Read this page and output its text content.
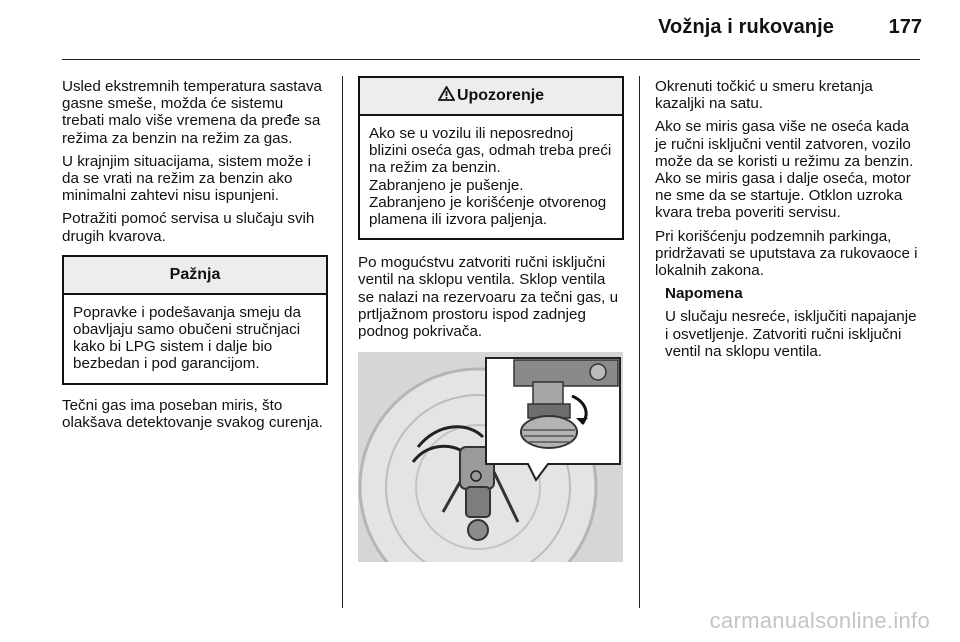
Vožnja i rukovanje	177

Usled ekstremnih temperatura sastava gasne smeše, možda će sistemu trebati malo više vremena da pređe sa režima za benzin na režim za gas.

U krajnjim situacijama, sistem može i da se vrati na režim za benzin ako minimalni zahtevi nisu ispunjeni.

Potražiti pomoć servisa u slučaju svih drugih kvarova.

Pažnja

Popravke i podešavanja smeju da obavljaju samo obučeni stručnjaci kako bi LPG sistem i dalje bio bezbedan i pod garancijom.

Tečni gas ima poseban miris, što olakšava detektovanje svakog curenja.

Upozorenje

Ako se u vozilu ili neposrednoj blizini oseća gas, odmah treba preći na režim za benzin.

Zabranjeno je pušenje.

Zabranjeno je korišćenje otvorenog plamena ili izvora paljenja.

Po mogućstvu zatvoriti ručni isključni ventil na sklopu ventila. Sklop ventila se nalazi na rezervoaru za tečni gas, u prtljažnom prostoru ispod zadnjeg podnog pokrivača.

Okrenuti točkić u smeru kretanja kazaljki na satu.

Ako se miris gasa više ne oseća kada je ručni isključni ventil zatvoren, vozilo može da se koristi u režimu za benzin. Ako se miris gasa i dalje oseća, motor ne sme da se startuje. Otklon uzroka kvara treba poveriti servisu.

Pri korišćenju podzemnih parkinga, pridržavati se uputstava za rukovaoce i lokalnih zakona.

Napomena

U slučaju nesreće, isključiti napajanje i osvetljenje. Zatvoriti ručni isključni ventil na sklopu ventila.

carmanualsonline.info
